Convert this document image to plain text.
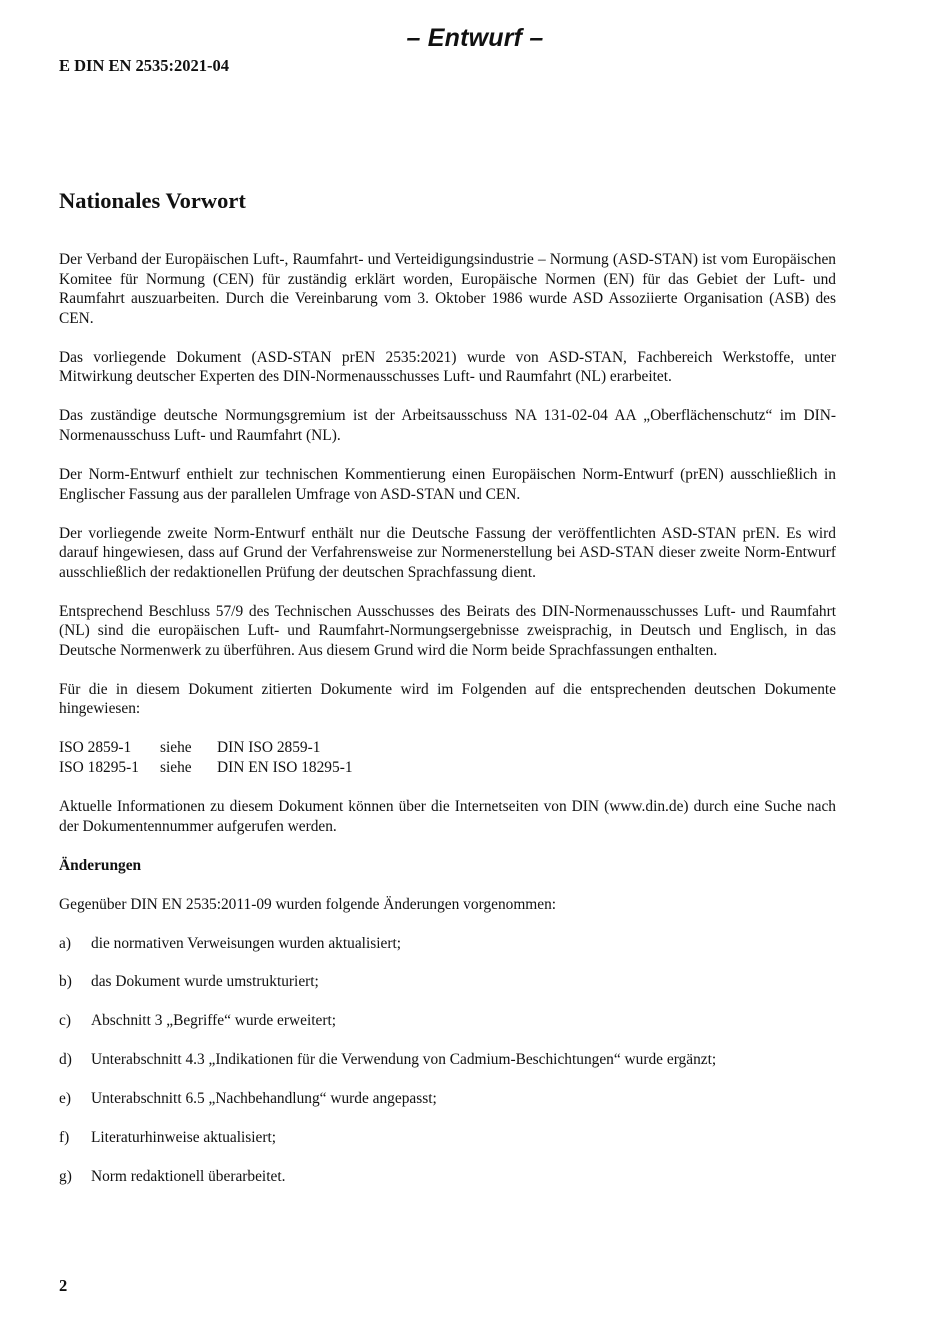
– Entwurf –
E DIN EN 2535:2021-04
Nationales Vorwort

Der Verband der Europäischen Luft-, Raumfahrt- und Verteidigungsindustrie – Normung (ASD-STAN) ist vom Europäischen Komitee für Normung (CEN) für zuständig erklärt worden, Europäische Normen (EN) für das Gebiet der Luft- und Raumfahrt auszuarbeiten. Durch die Vereinbarung vom 3. Oktober 1986 wurde ASD Assoziierte Organisation (ASB) des CEN.

Das vorliegende Dokument (ASD-STAN prEN 2535:2021) wurde von ASD-STAN, Fachbereich Werkstoffe, unter Mitwirkung deutscher Experten des DIN-Normenausschusses Luft- und Raumfahrt (NL) erarbeitet.

Das zuständige deutsche Normungsgremium ist der Arbeitsausschuss NA 131-02-04 AA „Oberflächenschutz“ im DIN-Normenausschuss Luft- und Raumfahrt (NL).

Der Norm-Entwurf enthielt zur technischen Kommentierung einen Europäischen Norm-Entwurf (prEN) ausschließlich in Englischer Fassung aus der parallelen Umfrage von ASD-STAN und CEN.

Der vorliegende zweite Norm-Entwurf enthält nur die Deutsche Fassung der veröffentlichten ASD-STAN prEN. Es wird darauf hingewiesen, dass auf Grund der Verfahrensweise zur Normenerstellung bei ASD-STAN dieser zweite Norm-Entwurf ausschließlich der redaktionellen Prüfung der deutschen Sprachfassung dient.

Entsprechend Beschluss 57/9 des Technischen Ausschusses des Beirats des DIN-Normenausschusses Luft- und Raumfahrt (NL) sind die europäischen Luft- und Raumfahrt-Normungsergebnisse zweisprachig, in Deutsch und Englisch, in das Deutsche Normenwerk zu überführen. Aus diesem Grund wird die Norm beide Sprachfassungen enthalten.

Für die in diesem Dokument zitierten Dokumente wird im Folgenden auf die entsprechenden deutschen Dokumente hingewiesen:

ISO 2859-1	siehe	DIN ISO 2859-1
ISO 18295-1	siehe	DIN EN ISO 18295-1

Aktuelle Informationen zu diesem Dokument können über die Internetseiten von DIN (www.din.de) durch eine Suche nach der Dokumentennummer aufgerufen werden.

Änderungen

Gegenüber DIN EN 2535:2011-09 wurden folgende Änderungen vorgenommen:

a)	die normativen Verweisungen wurden aktualisiert;
b)	das Dokument wurde umstrukturiert;
c)	Abschnitt 3 „Begriffe“ wurde erweitert;
d)	Unterabschnitt 4.3 „Indikationen für die Verwendung von Cadmium-Beschichtungen“ wurde ergänzt;
e)	Unterabschnitt 6.5 „Nachbehandlung“ wurde angepasst;
f)	Literaturhinweise aktualisiert;
g)	Norm redaktionell überarbeitet.
2
